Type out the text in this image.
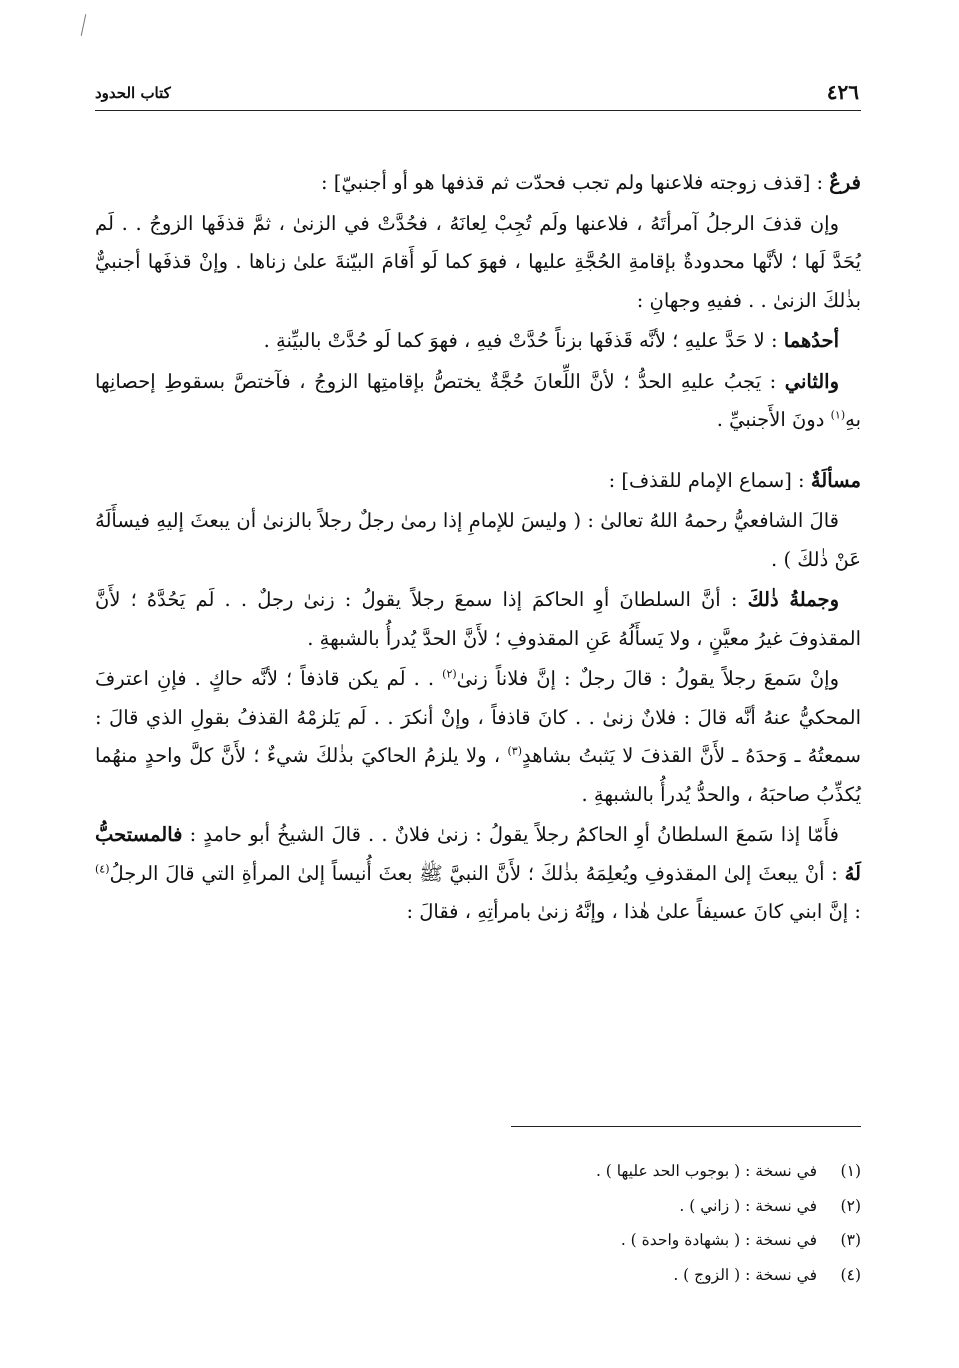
٤٢٦
كتاب الحدود

فرعٌ : [قذف زوجته فلاعنها ولم تجب فحدّت ثم قذفها هو أو أجنبيّ] :

وإن قذفَ الرجلُ آمرأتَهُ ، فلاعنها ولَم تُجِبْ لِعانَهُ ، فحُدَّتْ في الزنىٰ ، ثمَّ قذفَها الزوجُ . . لَم يُحَدَّ لَها ؛ لأنَّها محدودةٌ بإقامةِ الحُجَّةِ عليها ، فهوَ كما لَو أَقامَ البيّنةَ علىٰ زناها . وإنْ قذفَها أجنبيٌّ بذٰلكَ الزنىٰ . . ففيهِ وجهانِ :

أحدُهما : لا حَدَّ عليهِ ؛ لأنَّه قَذفَها بزناً حُدَّتْ فيهِ ، فهوَ كما لَو حُدَّتْ بالبيِّنةِ .

والثاني : يَجبُ عليهِ الحدُّ ؛ لأنَّ اللِّعانَ حُجَّةٌ يختصُّ بإقامتِها الزوجُ ، فآختصَّ بسقوطِ إحصانِها بهِ$^{(١)}$ دونَ الأَجنبيِّ .

مسألَةٌ : [سماع الإمام للقذف] :

قالَ الشافعيُّ رحمهُ اللهُ تعالىٰ : ( وليسَ للإمامِ إذا رمىٰ رجلٌ رجلاً بالزنىٰ أن يبعثَ إليهِ فيسأَلَهُ عَنْ ذٰلكَ ) .

وجملةُ ذٰلكَ : أنَّ السلطانَ أوِ الحاكمَ إذا سمعَ رجلاً يقولُ : زنىٰ رجلٌ . . لَم يَحُدَّهُ ؛ لأَنَّ المقذوفَ غيرُ معيَّنٍ ، ولا يَسأَلُهُ عَنِ المقذوفِ ؛ لأَنَّ الحدَّ يُدرأُ بالشبهةِ .

وإنْ سَمعَ رجلاً يقولُ : قالَ رجلٌ : إنَّ فلاناً زنىٰ$^{(٢)}$ . . لَم يكن قاذفاً ؛ لأنَّه حاكٍ . فإنِ اعترفَ المحكيُّ عنهُ أنَّه قالَ : فلانٌ زنىٰ . . كانَ قاذفاً ، وإنْ أنكرَ . . لَم يَلزمْهُ القذفُ بقولِ الذي قالَ : سمعتُهُ ـ وَحدَهُ ـ لأَنَّ القذفَ لا يَثبتُ بشاهدٍ$^{(٣)}$ ، ولا يلزمُ الحاكيَ بذٰلكَ شيءٌ ؛ لأَنَّ كلَّ واحدٍ منهُما يُكذِّبُ صاحبَهُ ، والحدُّ يُدرأُ بالشبهةِ .

فأَمّا إذا سَمعَ السلطانُ أوِ الحاكمُ رجلاً يقولُ : زنىٰ فلانٌ . . قالَ الشيخُ أبو حامدٍ : فالمستحبُّ لَهُ : أنْ يبعثَ إلىٰ المقذوفِ ويُعلِمَهُ بذٰلكَ ؛ لأَنَّ النبيَّ ﷺ بعثَ أُنيساً إلىٰ المرأةِ التي قالَ الرجلُ$^{(٤)}$ : إنَّ ابني كانَ عسيفاً علىٰ هٰذا ، وإنَّهُ زنىٰ بامرأتِهِ ، فقالَ :

(١)في نسخة : ( بوجوب الحد عليها ) .
(٢)في نسخة : ( زاني ) .
(٣)في نسخة : ( بشهادة واحدة ) .
(٤)في نسخة : ( الزوج ) .
